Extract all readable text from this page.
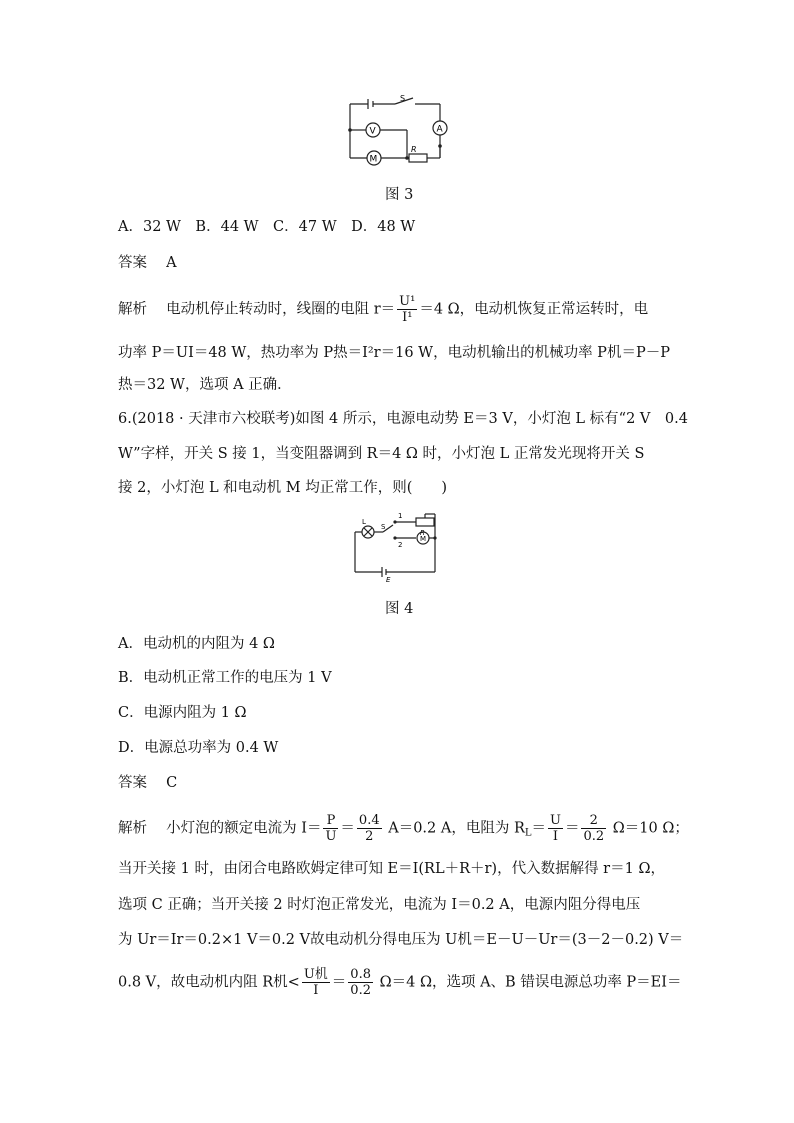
S
V	A
M
R
L
S
1
2
R
M
E
图 3
A．32 W　B．44 W　C．47 W　D．48 W
答案　 A
解析　 电动机停止转动时，线圈的电阻 $r= \frac{\text{U¹}}{\text{I¹}} =4$ Ω，电动机恢复正常运转时，电
功率 P＝UI＝48 W，热功率为 P热＝I²r＝16 W，电动机输出的机械功率 P机＝P－P
热＝32 W，选项 A 正确．
6.(2018 · 天津市六校联考)如图 4 所示，电源电动势 E＝3 V，小灯泡 L 标有“2 V　0.4
W”字样，开关 S 接 1，当变阻器调到 R＝4 Ω 时，小灯泡 L 正常发光现将开关 S
接 2，小灯泡 L 和电动机 M 均正常工作，则(　　)
图 4
A．电动机的内阻为 4 Ω
B．电动机正常工作的电压为 1 V
C．电源内阻为 1 Ω
D．电源总功率为 0.4 W
答案　 C
解析　 小灯泡的额定电流为 $I= \frac{P}{U} = \frac{0.4}{2} A=0.2$ A，电阻为 $R_L= \frac{U}{I} = \frac{2}{0.2} \Omega=10$ Ω；
当开关接 1 时，由闭合电路欧姆定律可知 E＝I(RL＋R＋r)，代入数据解得 r＝1 Ω，
选项 C 正确；当开关接 2 时灯泡正常发光，电流为 I＝0.2 A，电源内阻分得电压
为 Ur＝Ir＝0.2×1 V＝0.2 V故电动机分得电压为 U机＝E－U－Ur＝(3－2－0.2) V＝
0.8 V，故电动机内阻 R机< $\frac{\text{U机}}{I} = \frac{0.8}{0.2} \Omega=4$ Ω，选项 A、B 错误电源总功率 P＝EI＝
